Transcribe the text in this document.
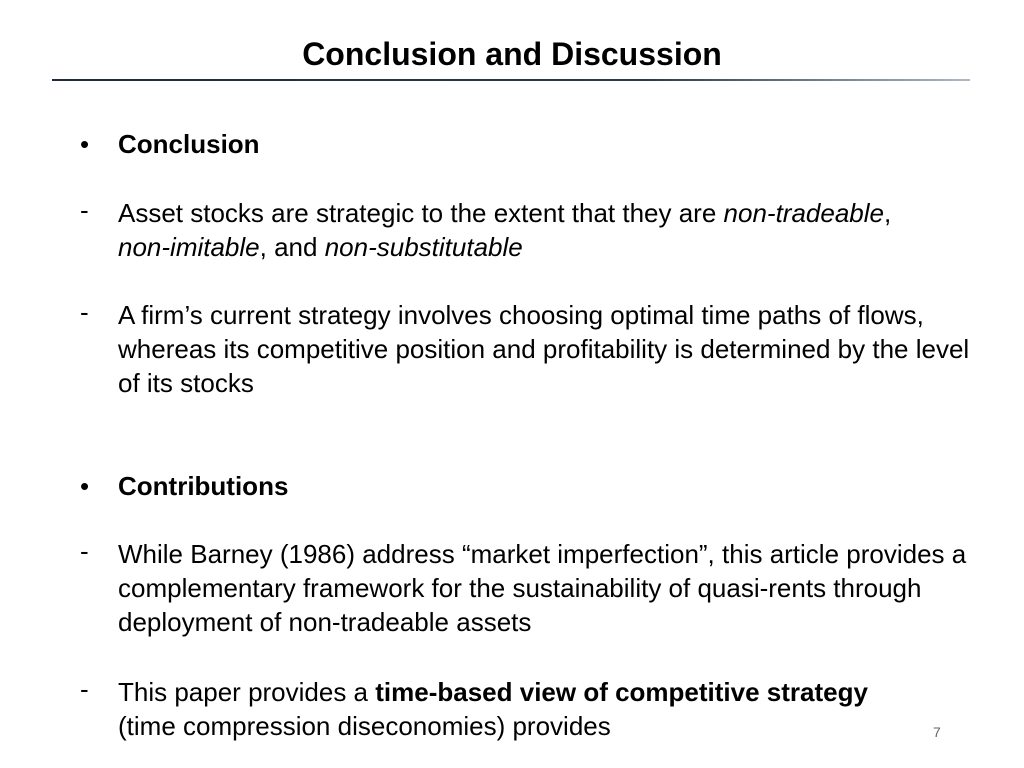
Conclusion and Discussion
• Conclusion
-	Asset stocks are strategic to the extent that they are non-tradeable,
non-imitable, and non-substitutable
-	A firm’s current strategy involves choosing optimal time paths of flows, whereas its competitive position and profitability is determined by the level of its stocks
• Contributions
-	While Barney (1986) address “market imperfection”, this article provides a complementary framework for the sustainability of quasi-rents through deployment of non-tradeable assets
-	This paper provides a time-based view of competitive strategy
(time compression diseconomies) provides	7
